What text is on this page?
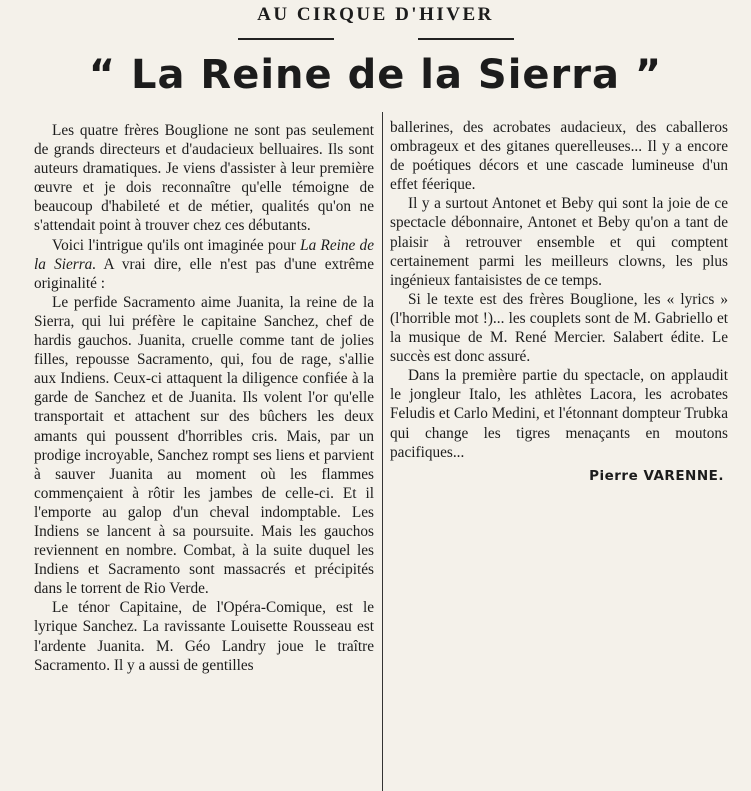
AU CIRQUE D'HIVER
“ La Reine de la Sierra ”

Les quatre frères Bouglione ne sont pas seulement de grands directeurs et d'audacieux belluaires. Ils sont auteurs dramatiques. Je viens d'assister à leur première œuvre et je dois reconnaître qu'elle témoigne de beaucoup d'habileté et de métier, qualités qu'on ne s'attendait point à trouver chez ces débutants.

Voici l'intrigue qu'ils ont imaginée pour La Reine de la Sierra. A vrai dire, elle n'est pas d'une extrême originalité :

Le perfide Sacramento aime Juanita, la reine de la Sierra, qui lui préfère le capitaine Sanchez, chef de hardis gauchos. Juanita, cruelle comme tant de jolies filles, repousse Sacramento, qui, fou de rage, s'allie aux Indiens. Ceux-ci attaquent la diligence confiée à la garde de Sanchez et de Juanita. Ils volent l'or qu'elle transportait et attachent sur des bûchers les deux amants qui poussent d'horribles cris. Mais, par un prodige incroyable, Sanchez rompt ses liens et parvient à sauver Juanita au moment où les flammes commençaient à rôtir les jambes de celle-ci. Et il l'emporte au galop d'un cheval indomptable. Les Indiens se lancent à sa poursuite. Mais les gauchos reviennent en nombre. Combat, à la suite duquel les Indiens et Sacramento sont massacrés et précipités dans le torrent de Rio Verde.

Le ténor Capitaine, de l'Opéra-Comique, est le lyrique Sanchez. La ravissante Louisette Rousseau est l'ardente Juanita. M. Géo Landry joue le traître Sacramento. Il y a aussi de gentilles

ballerines, des acrobates audacieux, des caballeros ombrageux et des gitanes querelleuses... Il y a encore de poétiques décors et une cascade lumineuse d'un effet féerique.

Il y a surtout Antonet et Beby qui sont la joie de ce spectacle débonnaire, Antonet et Beby qu'on a tant de plaisir à retrouver ensemble et qui comptent certainement parmi les meilleurs clowns, les plus ingénieux fantaisistes de ce temps.

Si le texte est des frères Bouglione, les « lyrics » (l'horrible mot !)... les couplets sont de M. Gabriello et la musique de M. René Mercier. Salabert édite. Le succès est donc assuré.

Dans la première partie du spectacle, on applaudit le jongleur Italo, les athlètes Lacora, les acrobates Feludis et Carlo Medini, et l'étonnant dompteur Trubka qui change les tigres menaçants en moutons pacifiques...

Pierre VARENNE.
